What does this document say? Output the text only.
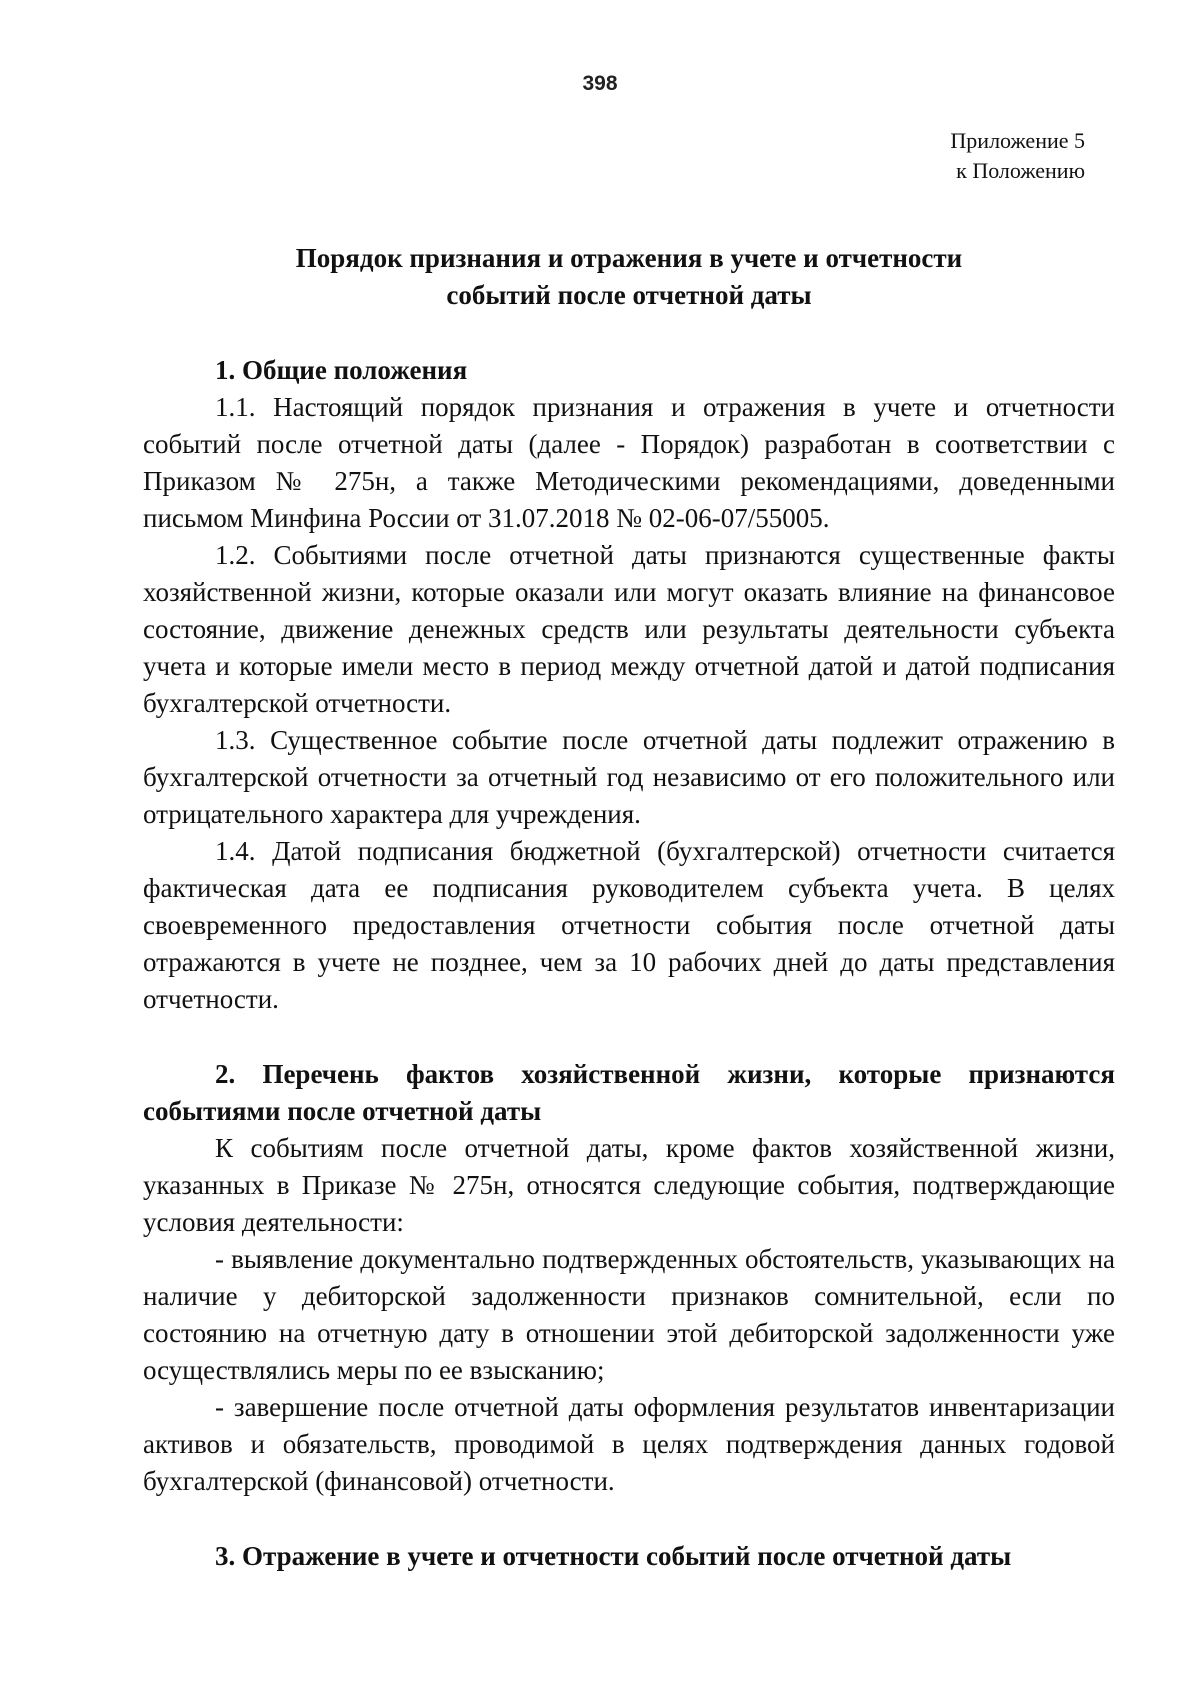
398
Приложение 5
к Положению
Порядок признания и отражения в учете и отчетности
событий после отчетной даты

1. Общие положения

1.1. Настоящий порядок признания и отражения в учете и отчетности событий после отчетной даты (далее - Порядок) разработан в соответствии с Приказом № 275н, а также Методическими рекомендациями, доведенными письмом Минфина России от 31.07.2018 № 02-06-07/55005.

1.2. Событиями после отчетной даты признаются существенные факты хозяйственной жизни, которые оказали или могут оказать влияние на финансовое состояние, движение денежных средств или результаты деятельности субъекта учета и которые имели место в период между отчетной датой и датой подписания бухгалтерской отчетности.

1.3. Существенное событие после отчетной даты подлежит отражению в бухгалтерской отчетности за отчетный год независимо от его положительного или отрицательного характера для учреждения.

1.4. Датой подписания бюджетной (бухгалтерской) отчетности считается фактическая дата ее подписания руководителем субъекта учета. В целях своевременного предоставления отчетности события после отчетной даты отражаются в учете не позднее, чем за 10 рабочих дней до даты представления отчетности.

2. Перечень фактов хозяйственной жизни, которые признаются событиями после отчетной даты

К событиям после отчетной даты, кроме фактов хозяйственной жизни, указанных в Приказе № 275н, относятся следующие события, подтверждающие условия деятельности:

- выявление документально подтвержденных обстоятельств, указывающих на наличие у дебиторской задолженности признаков сомнительной, если по состоянию на отчетную дату в отношении этой дебиторской задолженности уже осуществлялись меры по ее взысканию;

- завершение после отчетной даты оформления результатов инвентаризации активов и обязательств, проводимой в целях подтверждения данных годовой бухгалтерской (финансовой) отчетности.

3. Отражение в учете и отчетности событий после отчетной даты
